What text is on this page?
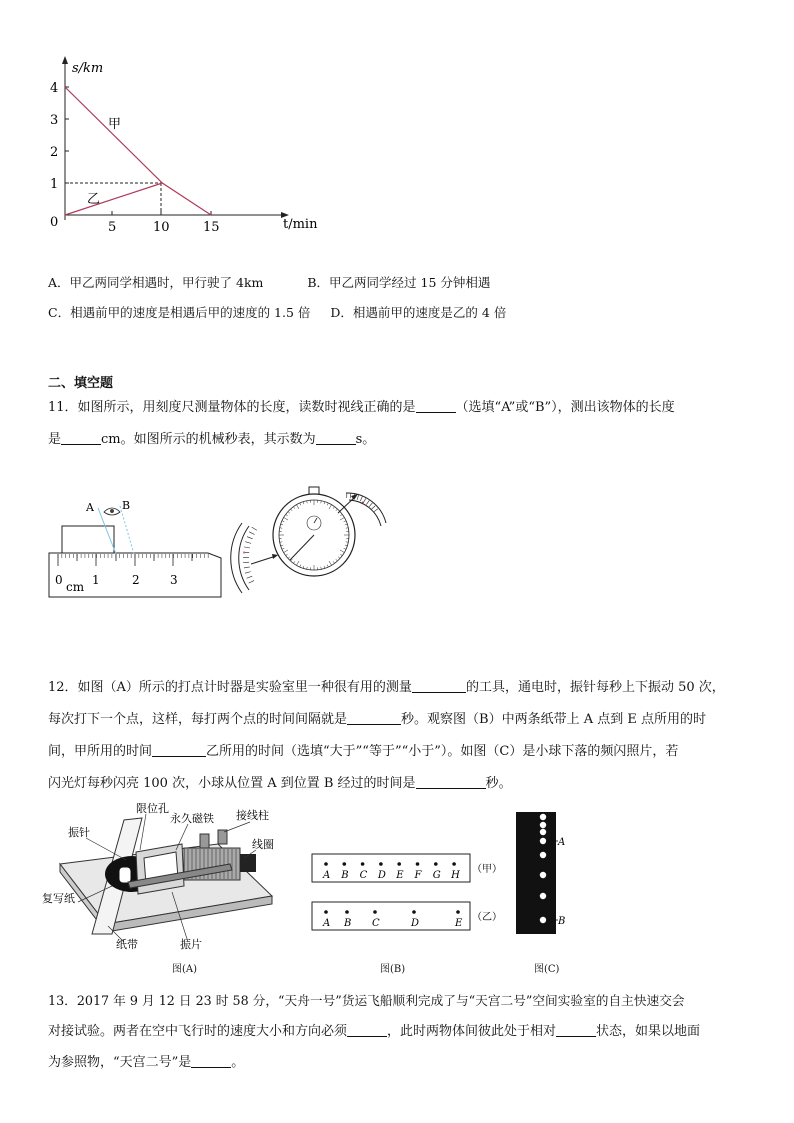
s/km
4
3
2
1
0	5	10	15	t/min
甲
乙
A．甲乙两同学相遇时，甲行驶了 4km	B．甲乙两同学经过 15 分钟相遇
C．相遇前甲的速度是相遇后甲的速度的 1.5 倍 D．相遇前甲的速度是乙的 4 倍
二、填空题
11．如图所示，用刻度尺测量物体的长度，读数时视线正确的是	（选填“A”或“B”），测出该物体的长度
是	cm。如图所示的机械秒表，其示数为	s。
0 cm 1	2	3
A	B
⁰
•
12．如图（A）所示的打点计时器是实验室里一种很有用的测量	的工具，通电时，振针每秒上下振动 50 次，
每次打下一个点，这样，每打两个点的时间间隔就是	秒。观察图（B）中两条纸带上 A 点到 E 点所用的时
间，甲所用的时间	乙所用的时间（选填“大于”“等于”“小于”）。如图（C）是小球下落的频闪照片，若
闪光灯每秒闪亮 100 次，小球从位置 A 到位置 B 经过的时间是	秒。
限位孔
永久磁铁 接线柱
振针
线圈
复写纸
纸带	振片
A B C D E F G H
A B C	D	E
（甲）
（乙）
A
B
图(A)	图(B)	图(C)
13．2017 年 9 月 12 日 23 时 58 分，“天舟一号”货运飞船顺利完成了与“天宫二号”空间实验室的自主快速交会
对接试验。两者在空中飞行时的速度大小和方向必须	，此时两物体间彼此处于相对	状态，如果以地面
为参照物，“天宫二号”是	。
